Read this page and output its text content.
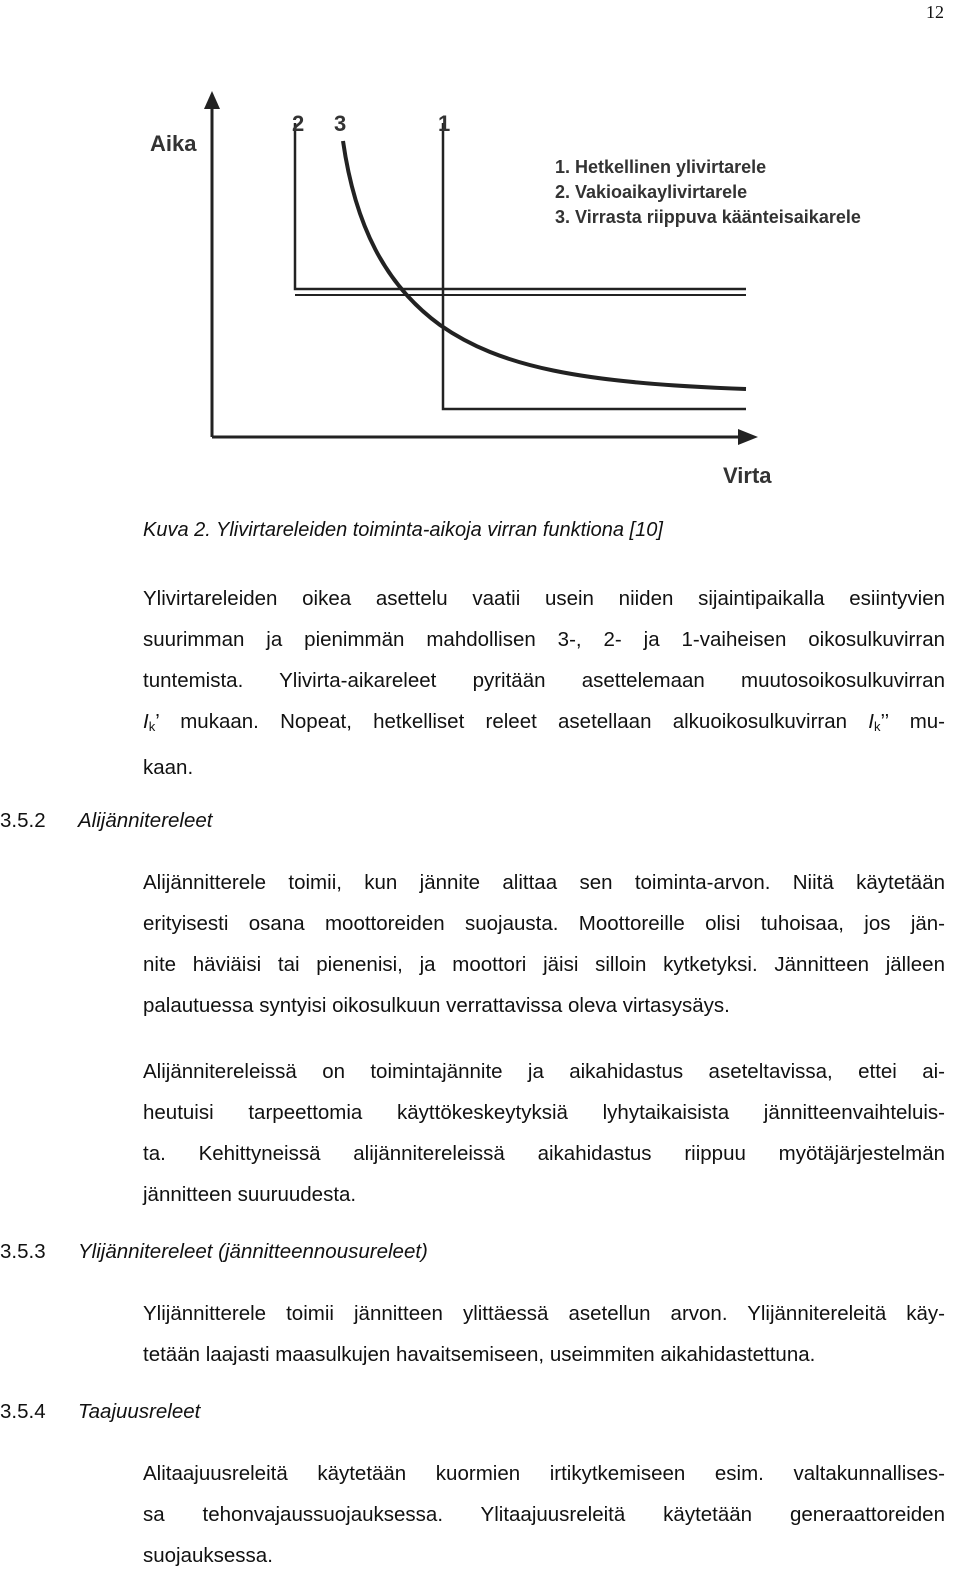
12
Aika
Virta
2 3	1
1. Hetkellinen ylivirtarele
2. Vakioaikaylivirtarele
3. Virrasta riippuva käänteisaikarele
Kuva 2. Ylivirtareleiden toiminta-aikoja virran funktiona [10]
Ylivirtareleiden oikea asettelu vaatii usein niiden sijaintipaikalla esiintyvien
suurimman ja pienimmän mahdollisen 3-, 2- ja 1-vaiheisen oikosulkuvirran
tuntemista. Ylivirta-aikareleet pyritään asettelemaan muutosoikosulkuvirran
$I_k$’ mukaan. Nopeat, hetkelliset releet asetellaan alkuoikosulkuvirran $I_k$’’ mu-
kaan.
3.5.2 Alijännitereleet
Alijännitterele toimii, kun jännite alittaa sen toiminta-arvon. Niitä käytetään
erityisesti osana moottoreiden suojausta. Moottoreille olisi tuhoisaa, jos jän-
nite häviäisi tai pienenisi, ja moottori jäisi silloin kytketyksi. Jännitteen jälleen
palautuessa syntyisi oikosulkuun verrattavissa oleva virtasysäys.
Alijännitereleissä on toimintajännite ja aikahidastus aseteltavissa, ettei ai-
heutuisi tarpeettomia käyttökeskeytyksiä lyhytaikaisista jännitteenvaihteluis-
ta. Kehittyneissä alijännitereleissä aikahidastus riippuu myötäjärjestelmän
jännitteen suuruudesta.
3.5.3 Ylijännitereleet (jännitteennousureleet)
Ylijännitterele toimii jännitteen ylittäessä asetellun arvon. Ylijännitereleitä käy-
tetään laajasti maasulkujen havaitsemiseen, useimmiten aikahidastettuna.
3.5.4 Taajuusreleet
Alitaajuusreleitä käytetään kuormien irtikytkemiseen esim. valtakunnallises-
sa tehonvajaussuojauksessa. Ylitaajuusreleitä käytetään generaattoreiden
suojauksessa.
